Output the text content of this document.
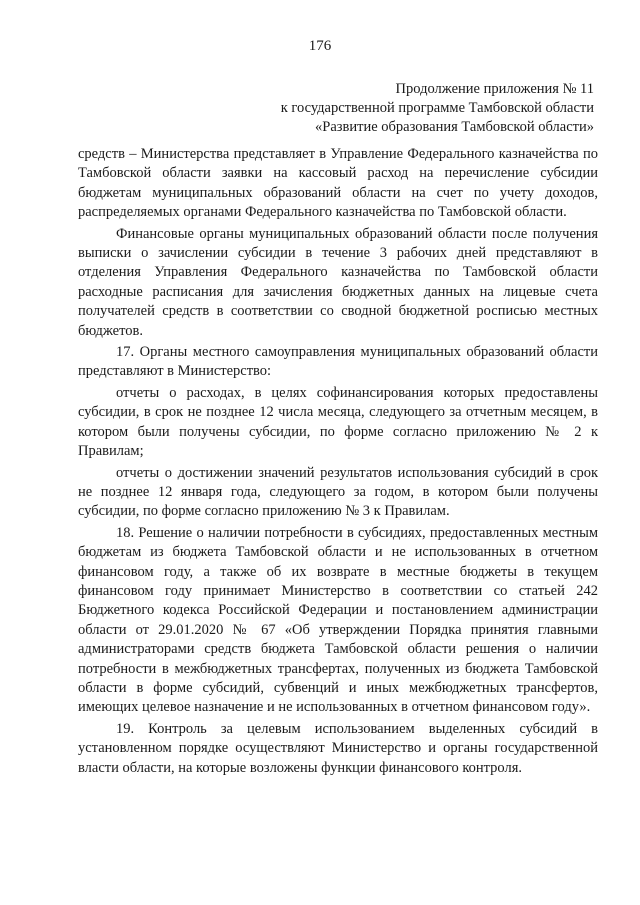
176
Продолжение приложения № 11
к государственной программе Тамбовской области
«Развитие образования Тамбовской области»

средств – Министерства представляет в Управление Федерального казначейства по Тамбовской области заявки на кассовый расход на перечисление субсидии бюджетам муниципальных образований области на счет по учету доходов, распределяемых органами Федерального казначейства по Тамбовской области.

Финансовые органы муниципальных образований области после получения выписки о зачислении субсидии в течение 3 рабочих дней представляют в отделения Управления Федерального казначейства по Тамбовской области расходные расписания для зачисления бюджетных данных на лицевые счета получателей средств в соответствии со сводной бюджетной росписью местных бюджетов.

17. Органы местного самоуправления муниципальных образований области представляют в Министерство:

отчеты о расходах, в целях софинансирования которых предоставлены субсидии, в срок не позднее 12 числа месяца, следующего за отчетным месяцем, в котором были получены субсидии, по форме согласно приложению № 2 к Правилам;

отчеты о достижении значений результатов использования субсидий в срок не позднее 12 января года, следующего за годом, в котором были получены субсидии, по форме согласно приложению № 3 к Правилам.

18. Решение о наличии потребности в субсидиях, предоставленных местным бюджетам из бюджета Тамбовской области и не использованных в отчетном финансовом году, а также об их возврате в местные бюджеты в текущем финансовом году принимает Министерство в соответствии со статьей 242 Бюджетного кодекса Российской Федерации и постановлением администрации области от 29.01.2020 № 67 «Об утверждении Порядка принятия главными администраторами средств бюджета Тамбовской области решения о наличии потребности в межбюджетных трансфертах, полученных из бюджета Тамбовской области в форме субсидий, субвенций и иных межбюджетных трансфертов, имеющих целевое назначение и не использованных в отчетном финансовом году».

19. Контроль за целевым использованием выделенных субсидий в установленном порядке осуществляют Министерство и органы государственной власти области, на которые возложены функции финансового контроля.
